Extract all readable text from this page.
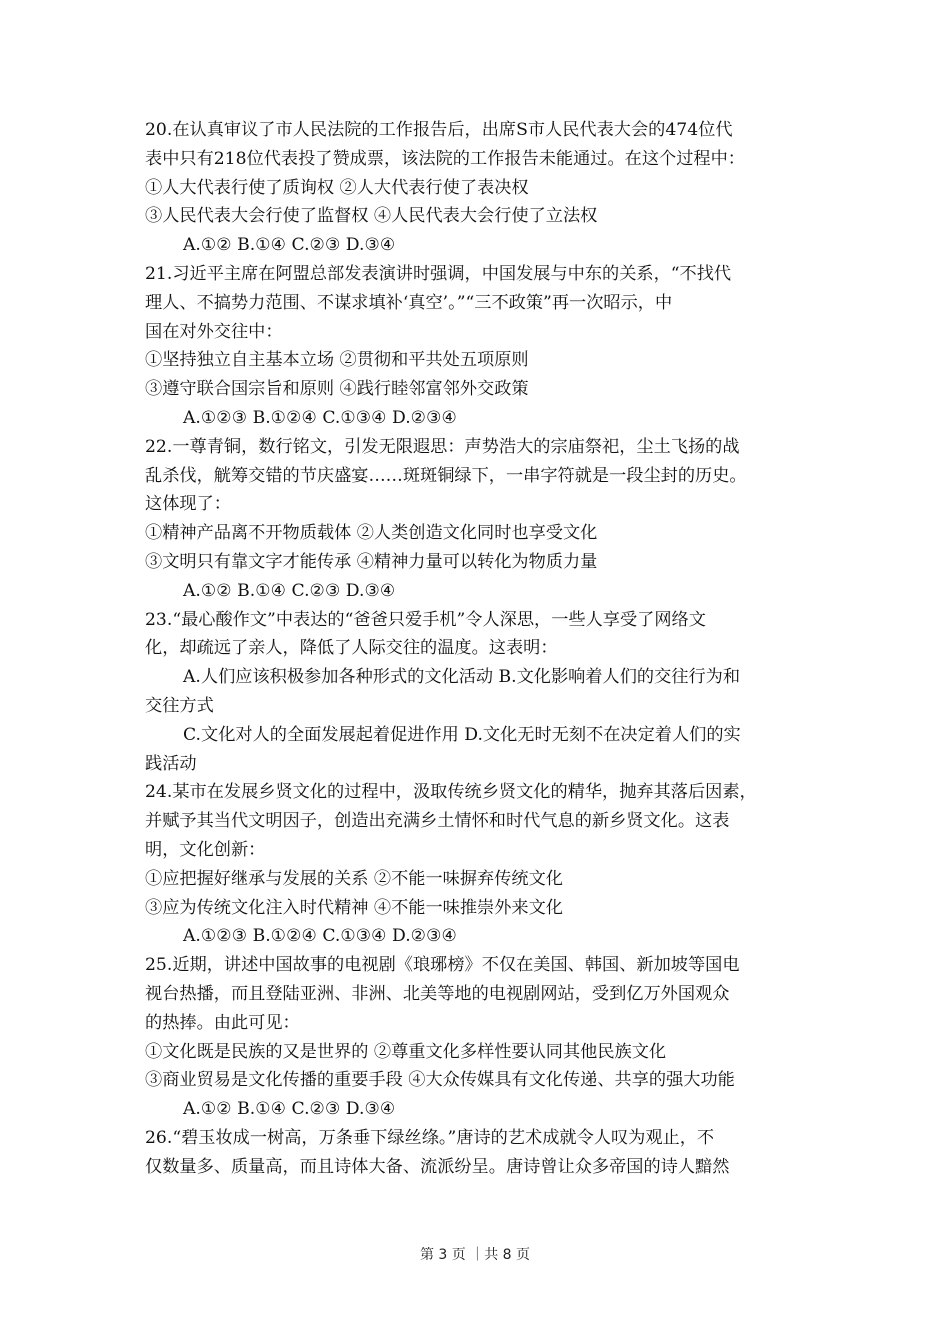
20.在认真审议了市人民法院的工作报告后，出席S市人民代表大会的474位代
表中只有218位代表投了赞成票，该法院的工作报告未能通过。在这个过程中：
①人大代表行使了质询权 ②人大代表行使了表决权
③人民代表大会行使了监督权 ④人民代表大会行使了立法权
A.①② B.①④ C.②③ D.③④
21.习近平主席在阿盟总部发表演讲时强调，中国发展与中东的关系，“不找代
理人、不搞势力范围、不谋求填补‘真空’。”“三不政策”再一次昭示，中
国在对外交往中：
①坚持独立自主基本立场 ②贯彻和平共处五项原则
③遵守联合国宗旨和原则 ④践行睦邻富邻外交政策
A.①②③ B.①②④ C.①③④ D.②③④
22.一尊青铜，数行铭文，引发无限遐思：声势浩大的宗庙祭祀，尘土飞扬的战
乱杀伐，觥筹交错的节庆盛宴……斑斑铜绿下，一串字符就是一段尘封的历史。
这体现了：
①精神产品离不开物质载体 ②人类创造文化同时也享受文化
③文明只有靠文字才能传承 ④精神力量可以转化为物质力量
A.①② B.①④ C.②③ D.③④
23.“最心酸作文”中表达的“爸爸只爱手机”令人深思，一些人享受了网络文
化，却疏远了亲人，降低了人际交往的温度。这表明：
A.人们应该积极参加各种形式的文化活动 B.文化影响着人们的交往行为和
交往方式
C.文化对人的全面发展起着促进作用 D.文化无时无刻不在决定着人们的实
践活动
24.某市在发展乡贤文化的过程中，汲取传统乡贤文化的精华，抛弃其落后因素，
并赋予其当代文明因子，创造出充满乡土情怀和时代气息的新乡贤文化。这表
明，文化创新：
①应把握好继承与发展的关系 ②不能一味摒弃传统文化
③应为传统文化注入时代精神 ④不能一味推崇外来文化
A.①②③ B.①②④ C.①③④ D.②③④
25.近期，讲述中国故事的电视剧《琅琊榜》不仅在美国、韩国、新加坡等国电
视台热播，而且登陆亚洲、非洲、北美等地的电视剧网站，受到亿万外国观众
的热捧。由此可见：
①文化既是民族的又是世界的 ②尊重文化多样性要认同其他民族文化
③商业贸易是文化传播的重要手段 ④大众传媒具有文化传递、共享的强大功能
A.①② B.①④ C.②③ D.③④
26.“碧玉妆成一树高，万条垂下绿丝绦。”唐诗的艺术成就令人叹为观止，不
仅数量多、质量高，而且诗体大备、流派纷呈。唐诗曾让众多帝国的诗人黯然
第 3 页 ｜共 8 页
